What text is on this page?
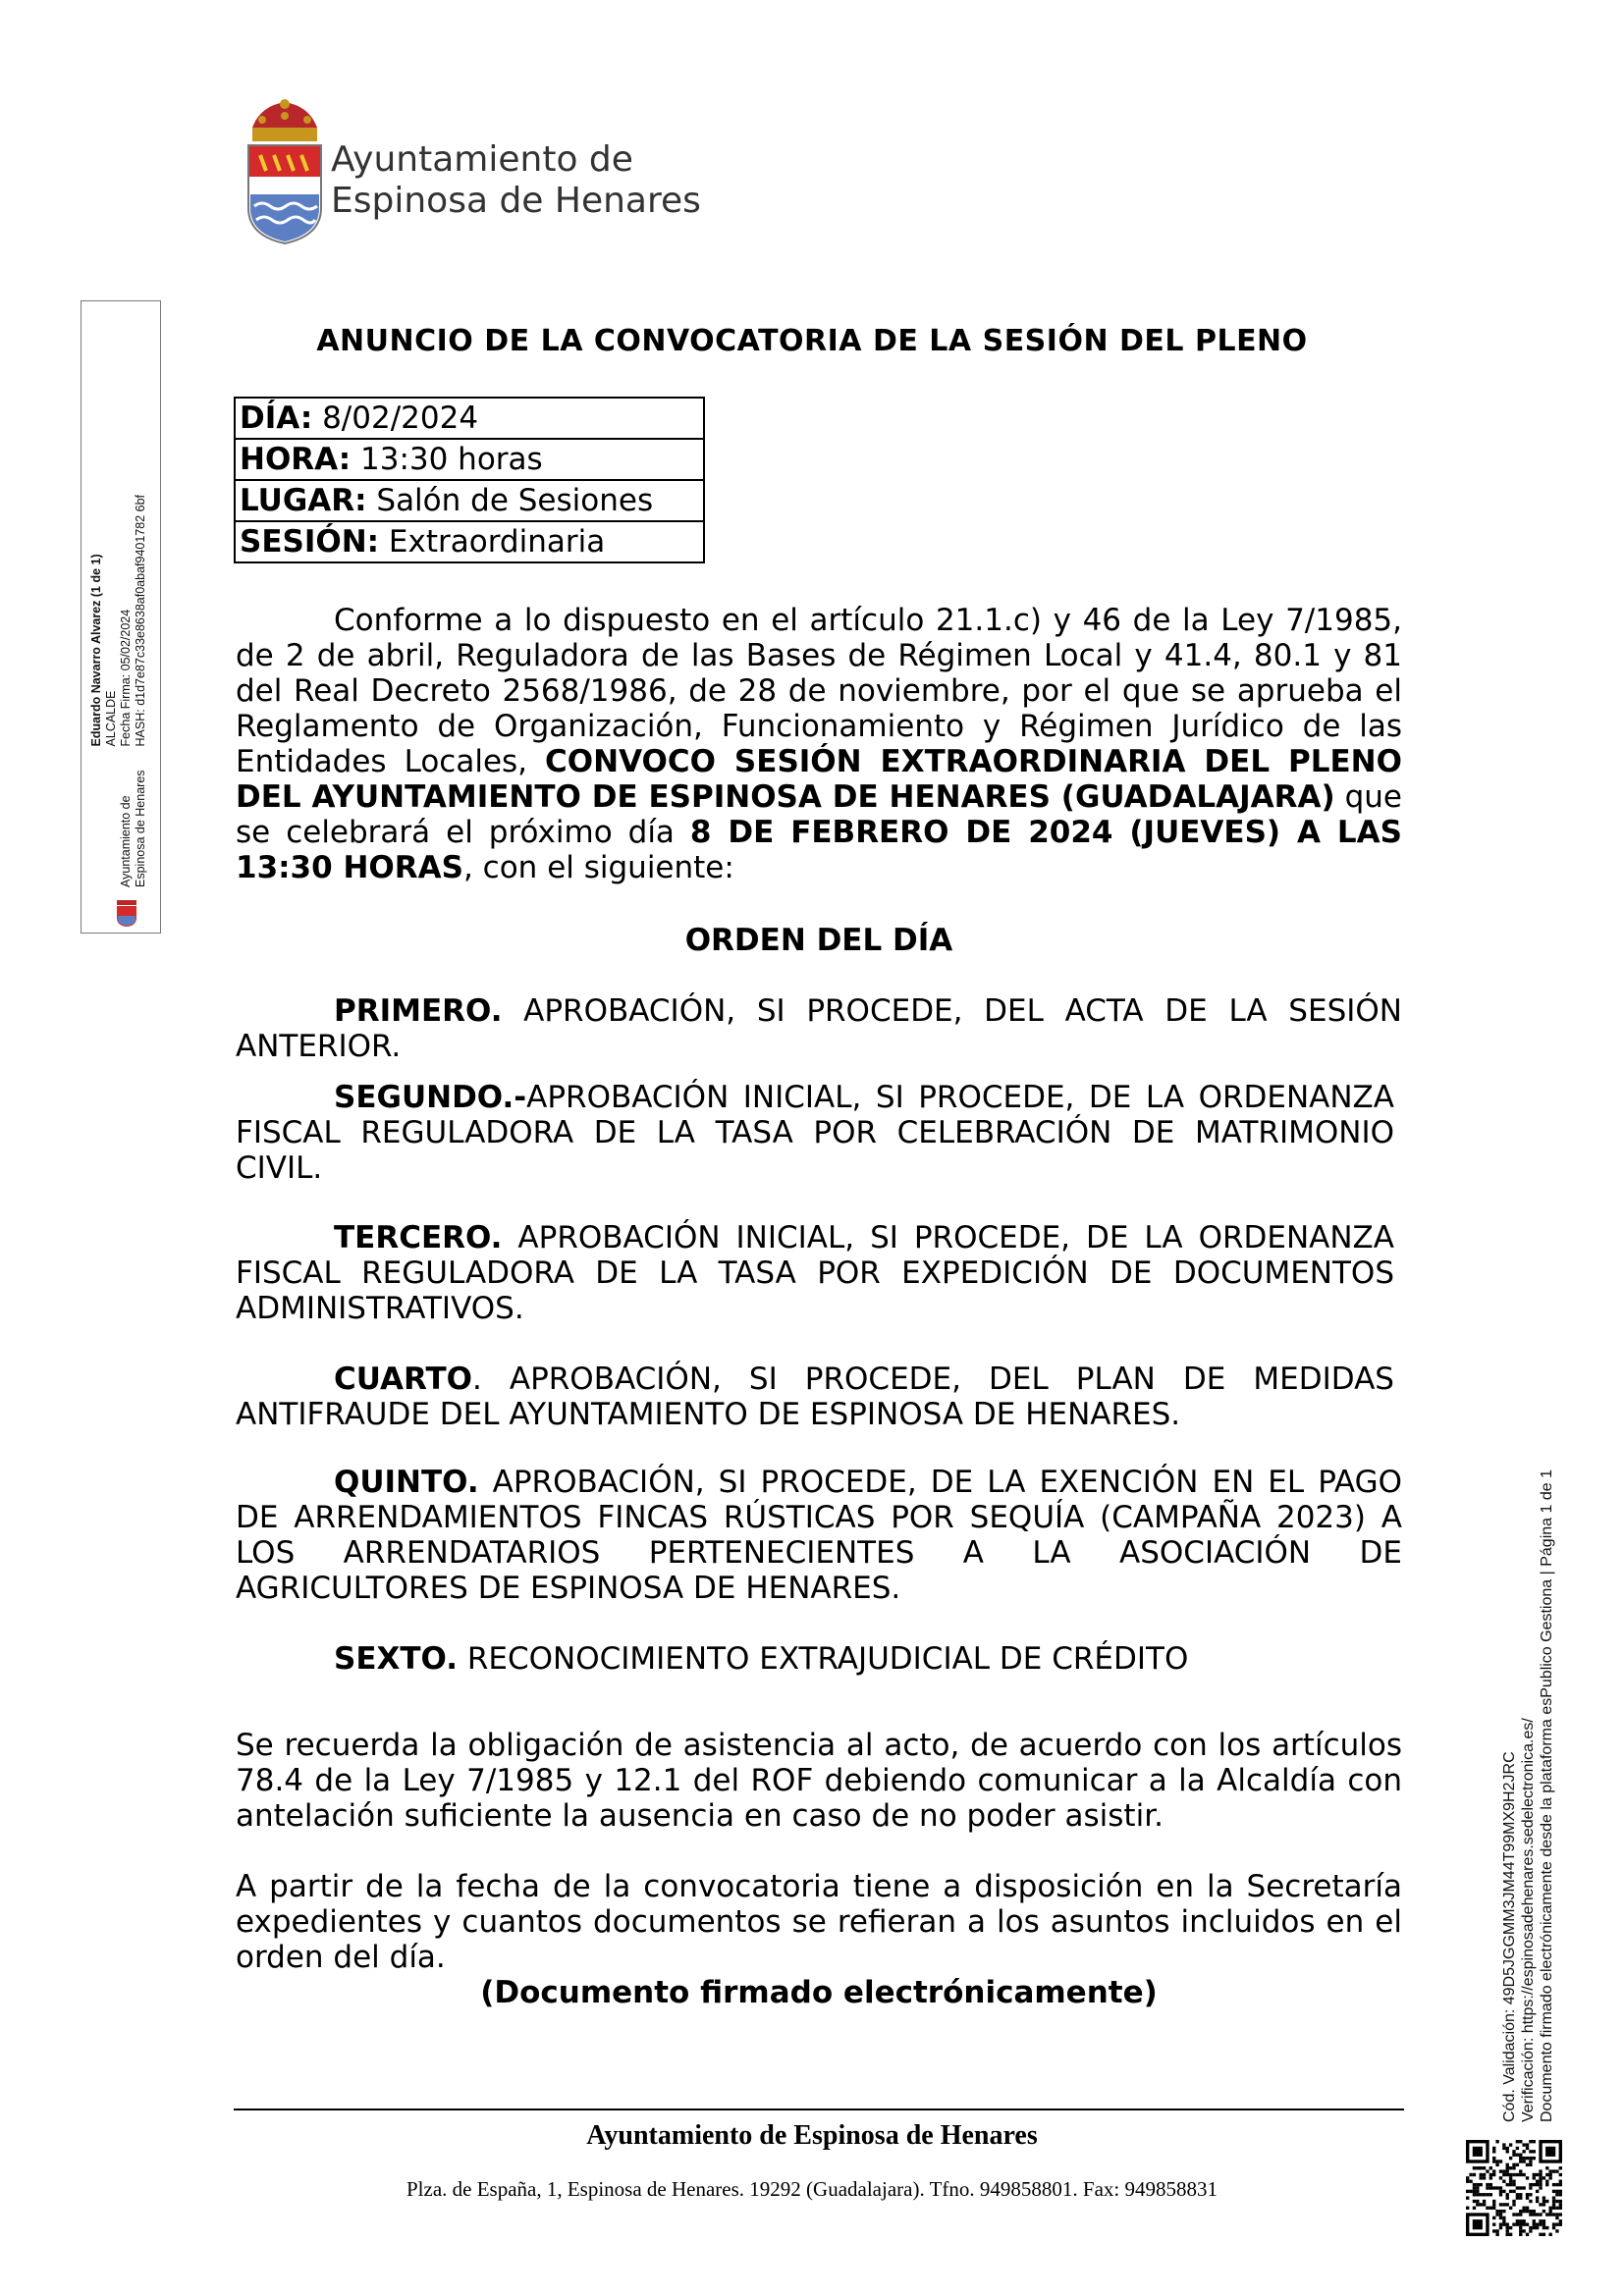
Ayuntamiento de
Espinosa de Henares
Ayuntamiento de Espinosa de Henares
Eduardo Navarro Alvarez (1 de 1) ALCALDE Fecha Firma: 05/02/2024 HASH: d1d7e87c33e8638af0abaf9401782 6bf
ANUNCIO DE LA CONVOCATORIA DE LA SESIÓN DEL PLENO
DÍA: 8/02/2024
HORA: 13:30 horas
LUGAR: Salón de Sesiones
SESIÓN: Extraordinaria
Conforme a lo dispuesto en el artículo 21.1.c) y 46 de la Ley 7/1985, de 2 de abril, Reguladora de las Bases de Régimen Local y 41.4, 80.1 y 81 del Real Decreto 2568/1986, de 28 de noviembre, por el que se aprueba el Reglamento de Organización, Funcionamiento y Régimen Jurídico de las Entidades Locales, CONVOCO SESIÓN EXTRAORDINARIA DEL PLENO DEL AYUNTAMIENTO DE ESPINOSA DE HENARES (GUADALAJARA) que se celebrará el próximo día 8 DE FEBRERO DE 2024 (JUEVES) A LAS 13:30 HORAS, con el siguiente:
ORDEN DEL DÍA
PRIMERO. APROBACIÓN, SI PROCEDE, DEL ACTA DE LA SESIÓN ANTERIOR.
SEGUNDO.-APROBACIÓN INICIAL, SI PROCEDE, DE LA ORDENANZA FISCAL REGULADORA DE LA TASA POR CELEBRACIÓN DE MATRIMONIO CIVIL.
TERCERO. APROBACIÓN INICIAL, SI PROCEDE, DE LA ORDENANZA FISCAL REGULADORA DE LA TASA POR EXPEDICIÓN DE DOCUMENTOS ADMINISTRATIVOS.
CUARTO. APROBACIÓN, SI PROCEDE, DEL PLAN DE MEDIDAS ANTIFRAUDE DEL AYUNTAMIENTO DE ESPINOSA DE HENARES.
QUINTO. APROBACIÓN, SI PROCEDE, DE LA EXENCIÓN EN EL PAGO DE ARRENDAMIENTOS FINCAS RÚSTICAS POR SEQUÍA (CAMPAÑA 2023) A LOS ARRENDATARIOS PERTENECIENTES A LA ASOCIACIÓN DE AGRICULTORES DE ESPINOSA DE HENARES.
SEXTO. RECONOCIMIENTO EXTRAJUDICIAL DE CRÉDITO
Se recuerda la obligación de asistencia al acto, de acuerdo con los artículos 78.4 de la Ley 7/1985 y 12.1 del ROF debiendo comunicar a la Alcaldía con antelación suficiente la ausencia en caso de no poder asistir.
A partir de la fecha de la convocatoria tiene a disposición en la Secretaría expedientes y cuantos documentos se refieran a los asuntos incluidos en el orden del día.
(Documento firmado electrónicamente)
Ayuntamiento de Espinosa de Henares
Plza. de España, 1, Espinosa de Henares. 19292 (Guadalajara). Tfno. 949858801. Fax: 949858831
Cód. Validación: 49D5JGGMM3JM44T99MX9H2JRC Verificación: https://espinosadehenares.sedelectronica.es/ Documento firmado electrónicamente desde la plataforma esPublico Gestiona | Página 1 de 1
